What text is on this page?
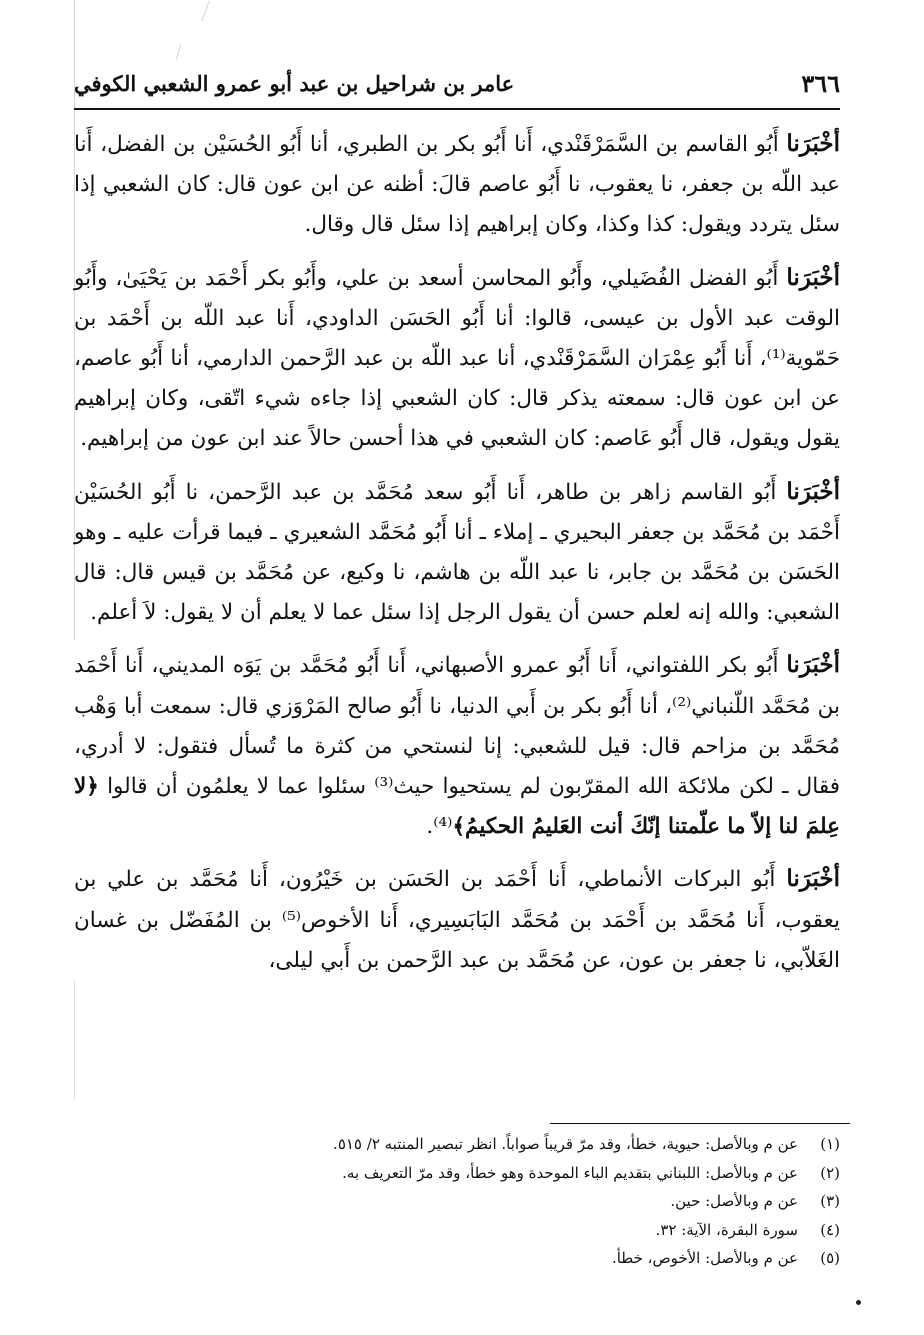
٣٦٦
عامر بن شراحيل بن عبد أبو عمرو الشعبي الكوفي

أخْبَرَنا أَبُو القاسم بن السَّمَرْقَنْدي، أَنا أَبُو بكر بن الطبري، أنا أَبُو الحُسَيْن بن الفضل، أَنا عبد اللّه بن جعفر، نا يعقوب، نا أَبُو عاصم قالَ: أظنه عن ابن عون قال: كان الشعبي إذا سئل يتردد ويقول: كذا وكذا، وكان إبراهيم إذا سئل قال وقال.

أخْبَرَنا أَبُو الفضل الفُضَيلي، وأَبُو المحاسن أسعد بن علي، وأَبُو بكر أَحْمَد بن يَحْيَىٰ، وأَبُو الوقت عبد الأول بن عيسى، قالوا: أنا أَبُو الحَسَن الداودي، أَنا عبد اللّه بن أَحْمَد بن حَمّوية⁽¹⁾، أَنا أَبُو عِمْرَان السَّمَرْقَنْدي، أنا عبد اللّه بن عبد الرَّحمن الدارمي، أنا أَبُو عاصم، عن ابن عون قال: سمعته يذكر قال: كان الشعبي إذا جاءه شيء اتّقى، وكان إبراهيم يقول ويقول، قال أَبُو عَاصم: كان الشعبي في هذا أحسن حالاً عند ابن عون من إبراهيم.

أخْبَرَنا أَبُو القاسم زاهر بن طاهر، أَنا أَبُو سعد مُحَمَّد بن عبد الرَّحمن، نا أَبُو الحُسَيْن أَحْمَد بن مُحَمَّد بن جعفر البحيري ـ إملاء ـ أنا أَبُو مُحَمَّد الشعيري ـ فيما قرأت عليه ـ وهو الحَسَن بن مُحَمَّد بن جابر، نا عبد اللّه بن هاشم، نا وكيع، عن مُحَمَّد بن قيس قال: قال الشعبي: والله إنه لعلم حسن أن يقول الرجل إذا سئل عما لا يعلم أن لا يقول: لاَ أعلم.

أخْبَرَنا أَبُو بكر اللفتواني، أَنا أَبُو عمرو الأصبهاني، أَنا أَبُو مُحَمَّد بن يَوَه المديني، أَنا أَحْمَد بن مُحَمَّد اللّنباني⁽²⁾، أنا أَبُو بكر بن أَبي الدنيا، نا أَبُو صالح المَرْوَزي قال: سمعت أبا وَهْب مُحَمَّد بن مزاحم قال: قيل للشعبي: إنا لنستحي من كثرة ما تُسأل فتقول: لا أدري، فقال ـ لكن ملائكة الله المقرّبون لم يستحيوا حيث⁽³⁾ سئلوا عما لا يعلمُون أن قالوا ﴿لا عِلمَ لنا إلاّ ما علّمتنا إنّكَ أنت العَليمُ الحكيمُ﴾⁽⁴⁾.

أخْبَرَنا أَبُو البركات الأنماطي، أَنا أَحْمَد بن الحَسَن بن خَيْرُون، أَنا مُحَمَّد بن علي بن يعقوب، أَنا مُحَمَّد بن أَحْمَد بن مُحَمَّد البَابَسِيري، أَنا الأخوص⁽⁵⁾ بن المُفَضّل بن غسان الغَلاّبي، نا جعفر بن عون، عن مُحَمَّد بن عبد الرَّحمن بن أَبي ليلى،

(١)
عن م وبالأصل: حيوية، خطأ، وقد مرّ قريباً صواباً. انظر تبصير المنتبه ٢/ ٥١٥.
(٢)
عن م وبالأصل: اللبناني بتقديم الباء الموحدة وهو خطأ، وقد مرّ التعريف به.
(٣)
عن م وبالأصل: حين.
(٤)
سورة البقرة، الآية: ٣٢.
(٥)
عن م وبالأصل: الأخوص، خطأ.
